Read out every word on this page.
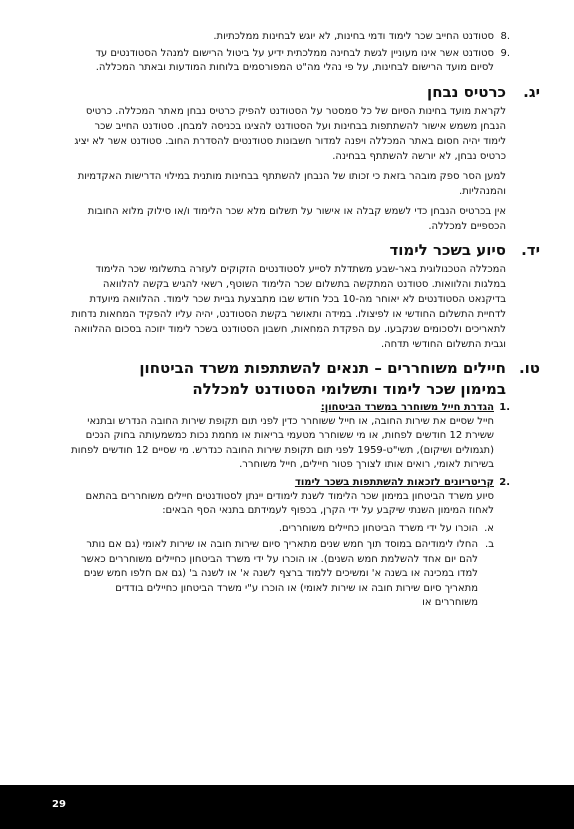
.8
סטודנט החייב שכר לימוד ודמי בחינות, לא יוגש לבחינות ממלכתיות.
.9
סטודנט אשר אינו מעוניין לגשת לבחינה ממלכתית ידיע על ביטול הרישום למנהל הסטודנטים עד לסיום מועד הרישום לבחינות, על פי נהלי מה"ט המפורסמים בלוחות המודעות ובאתר המכללה.
יג.
כרטיס נבחן

לקראת מועד בחינות הסיום של כל סמסטר על הסטודנט להפיק כרטיס נבחן מאתר המכללה. כרטיס הנבחן משמש אישור להשתתפות בבחינות ועל הסטודנט להציגו בכניסה למבחן. סטודנט החייב שכר לימוד יהיה חסום באתר המכללה ויפנה למדור חשבונות סטודנטים להסדרת החוב. סטודנט אשר לא יציג כרטיס נבחן, לא יורשה להשתתף בבחינה.

למען הסר ספק מובהר בזאת כי זכותו של הנבחן להשתתף בבחינות מותנית במילוי הדרישות האקדמיות והמנהליות.

אין בכרטיס הנבחן כדי לשמש קבלה או אישור על תשלום מלא שכר הלימוד ו/או סילוק מלוא החובות הכספיים למכללה.

יד.
סיוע בשכר לימוד

המכללה הטכנולוגית באר-שבע משתדלת לסייע לסטודנטים הזקוקים לעזרה בתשלומי שכר הלימוד במלגות והלוואות. סטודנט המתקשה בתשלום שכר הלימוד השוטף, רשאי להגיש בקשה להלוואה בדיקנאט הסטודנטים לא יאוחר מה-10 בכל חודש שבו מתבצעת גביית שכר לימוד. ההלוואה מיועדת לדחיית התשלום החודשי או לפיצולו. במידה ותאושר בקשת הסטודנט, יהיה עליו להפקיד המחאות נדחות לתאריכים ולסכומים שנקבעו. עם הפקדת המחאות, חשבון הסטודנט בשכר לימוד יזוכה בסכום ההלוואה וגבית התשלום החודשי תדחה.

טו.
חיילים משוחררים – תנאים להשתתפות משרד הביטחון
במימון שכר לימוד ותשלומי הסטודנט למכללה
.1
הגדרת חייל משוחרר במשרד הביטחון:
חייל שסיים את שירות החובה, או חייל ששוחרר כדין לפני תום תקופת שירות החובה הנדרש ובתנאי ששירת 12 חודשים לפחות, או מי ששוחרר מטעמי בריאות או מחמת נכות כמשמעותה בחוק הנכים (תגמולים ושיקום), תשי"ט-1959 לפני תום תקופת שירות החובה כנדרש. מי שסיים 12 חודשים לפחות בשירות לאומי, רואים אותו לצורך פטור חיילים, חייל משוחרר.
.2
קריטריונים לזכאות להשתתפות בשכר לימוד
סיוע משרד הביטחון במימון שכר הלימוד לשנת לימודים יינתן לסטודנטים חיילים משוחררים בהתאם לאחוז המימון השנתי שיקבע על ידי הקרן, בכפוף לעמידתם בתנאי הסף הבאים:
א.
הוכרו על ידי משרד הביטחון כחיילים משוחררים.
ב.
החלו לימודיהם במוסד תוך חמש שנים מתאריך סיום שירות חובה או שירות לאומי (גם אם נותר להם יום אחד להשלמת חמש השנים). או הוכרו על ידי משרד הביטחון כחיילים משוחררים כאשר למדו במכינה או בשנה א' ומשיכים ללמוד ברצף לשנה א' או לשנה ב' (גם אם חלפו חמש שנים מתאריך סיום שירות חובה או שירות לאומי) או הוכרו ע"י משרד הביטחון כחיילים בודדים משוחררים או
29
